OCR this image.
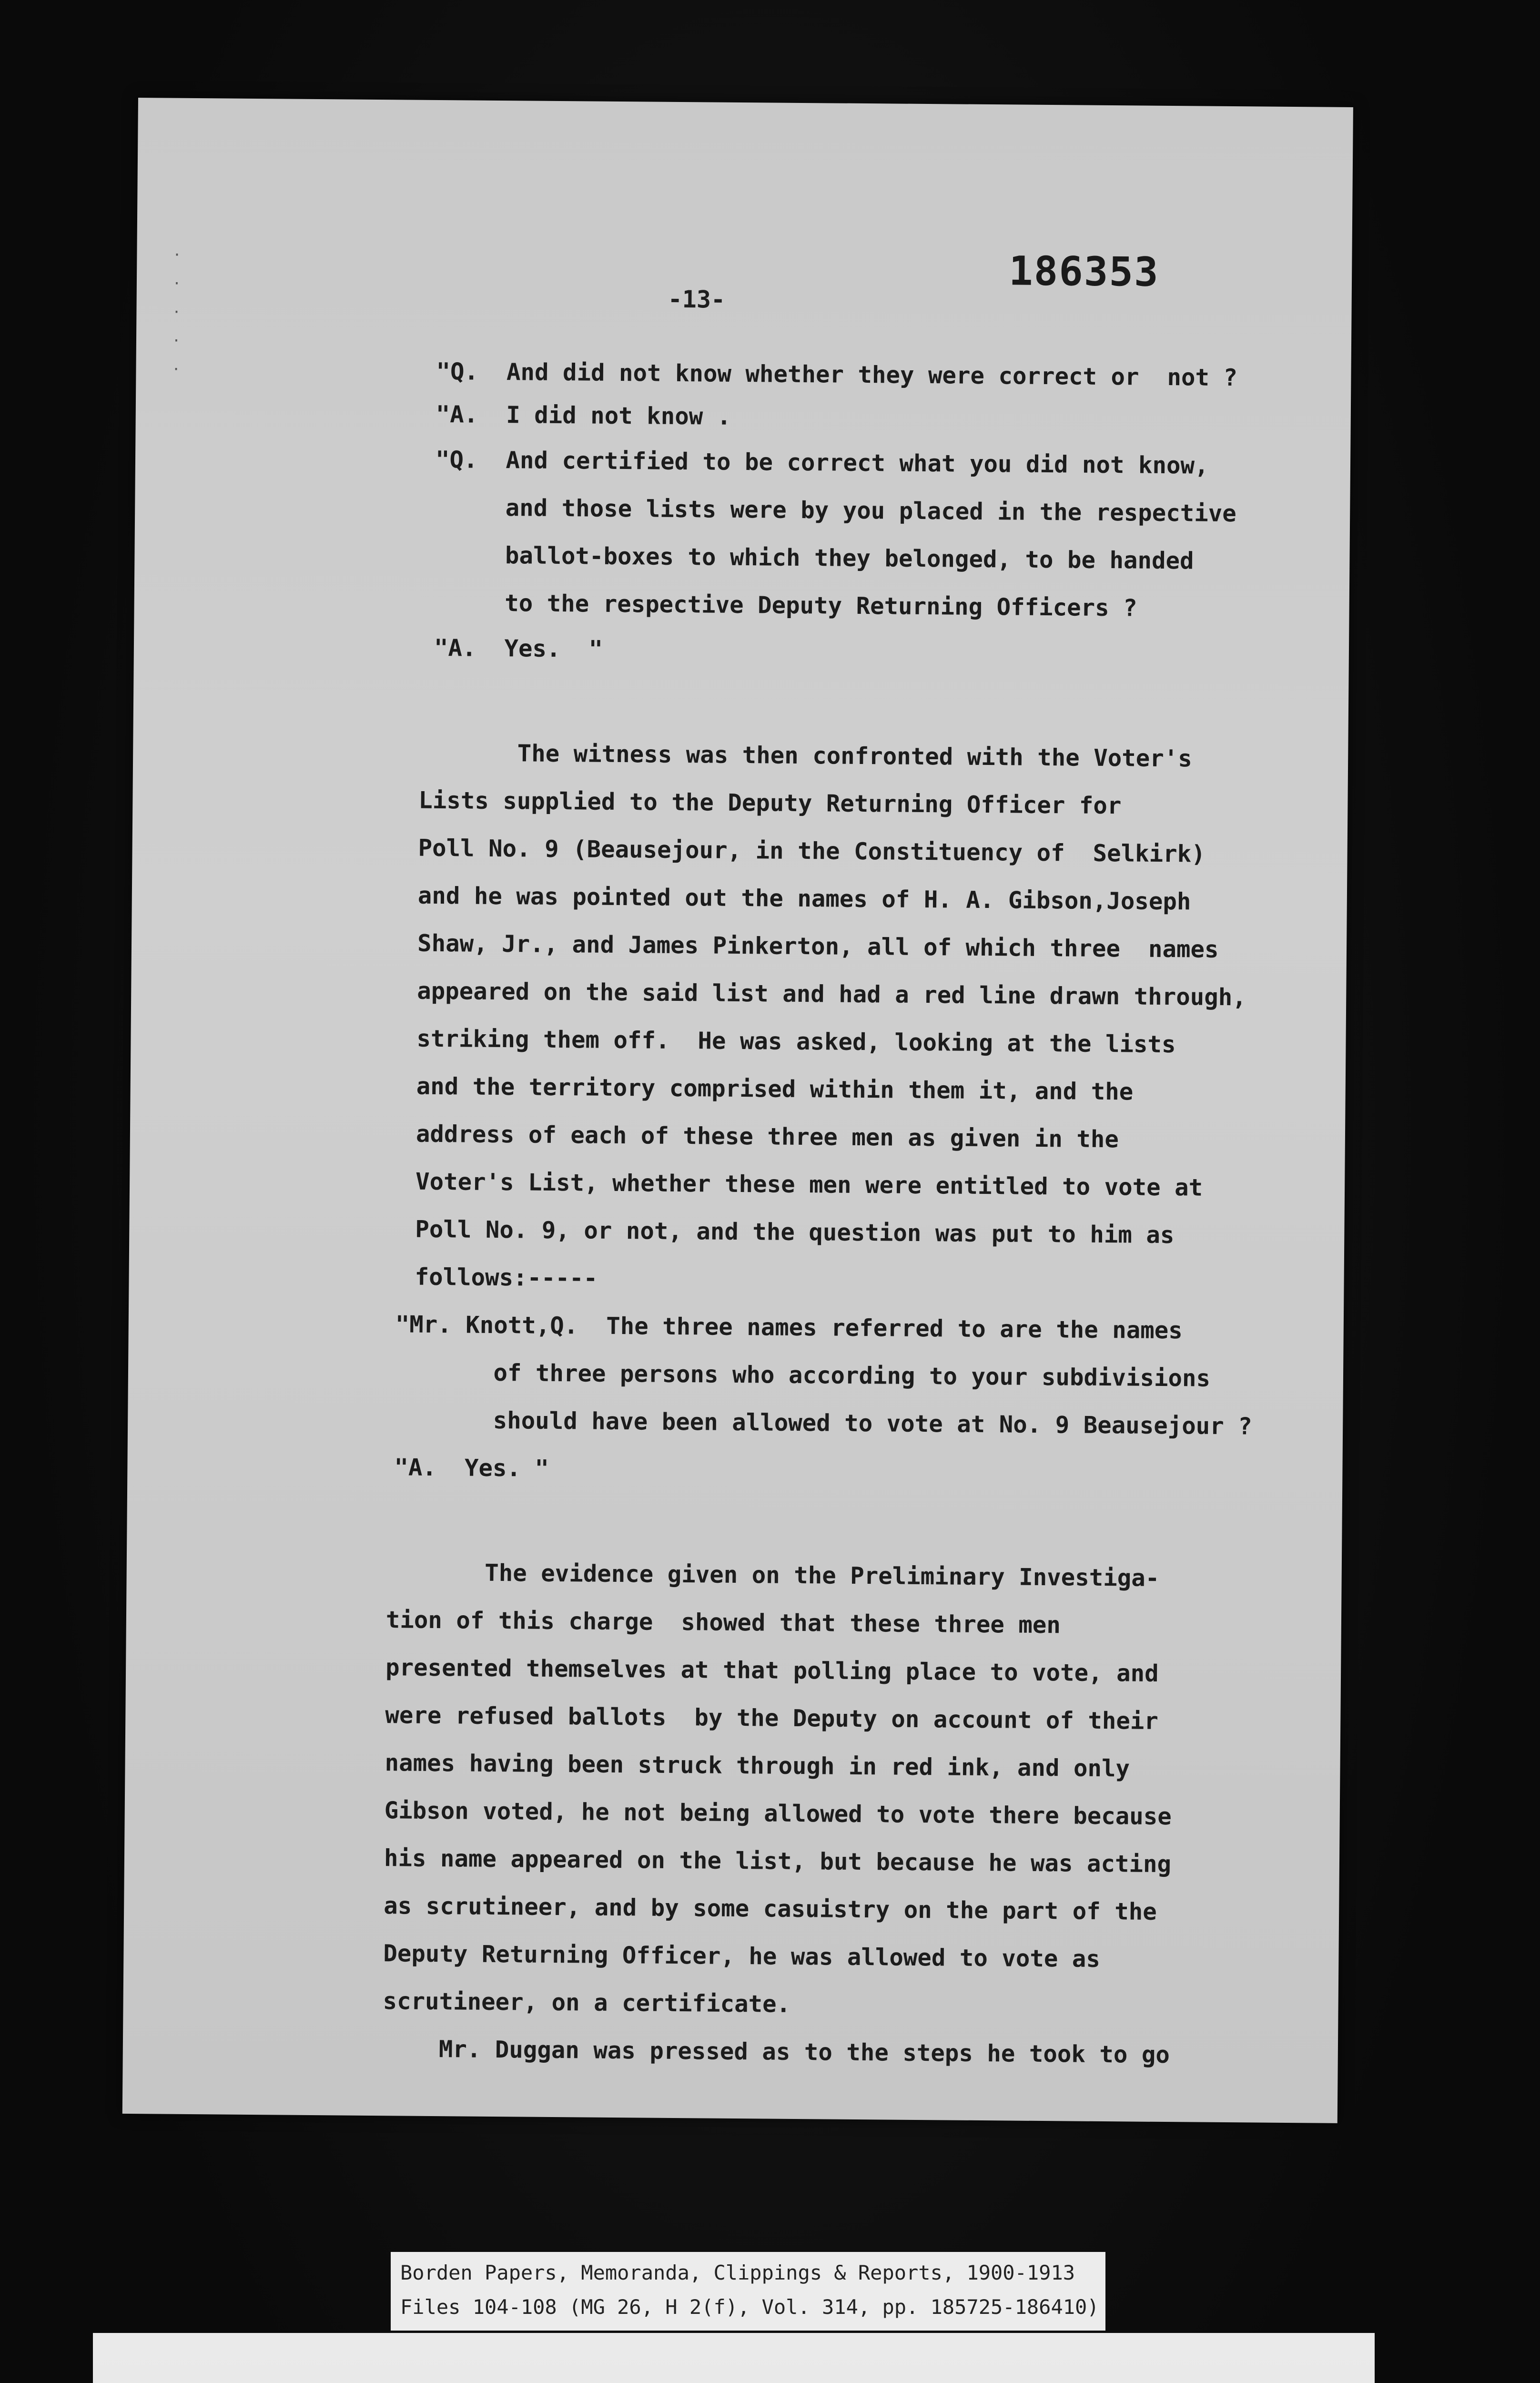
·
·
·
·
·
186353
-13-

"Q.  And did not know whether they were correct or  not ?
"A.  I did not know .
"Q.  And certified to be correct what you did not know,
and those lists were by you placed in the respective
ballot-boxes to which they belonged, to be handed
to the respective Deputy Returning Officers ?
"A.  Yes.  "
The witness was then confronted with the Voter's
Lists supplied to the Deputy Returning Officer for
Poll No. 9 (Beausejour, in the Constituency of  Selkirk)
and he was pointed out the names of H. A. Gibson,Joseph
Shaw, Jr., and James Pinkerton, all of which three  names
appeared on the said list and had a red line drawn through,
striking them off.  He was asked, looking at the lists
and the territory comprised within them it, and the
address of each of these three men as given in the
Voter's List, whether these men were entitled to vote at
Poll No. 9, or not, and the question was put to him as
follows:-----
"Mr. Knott,Q.  The three names referred to are the names
of three persons who according to your subdivisions
should have been allowed to vote at No. 9 Beausejour ?
"A.  Yes. "
The evidence given on the Preliminary Investiga-
tion of this charge  showed that these three men
presented themselves at that polling place to vote, and
were refused ballots  by the Deputy on account of their
names having been struck through in red ink, and only
Gibson voted, he not being allowed to vote there because
his name appeared on the list, but because he was acting
as scrutineer, and by some casuistry on the part of the
Deputy Returning Officer, he was allowed to vote as
scrutineer, on a certificate.
Mr. Duggan was pressed as to the steps he took to go
Borden Papers, Memoranda, Clippings & Reports, 1900-1913
Files 104-108 (MG 26, H 2(f), Vol. 314, pp. 185725-186410)
